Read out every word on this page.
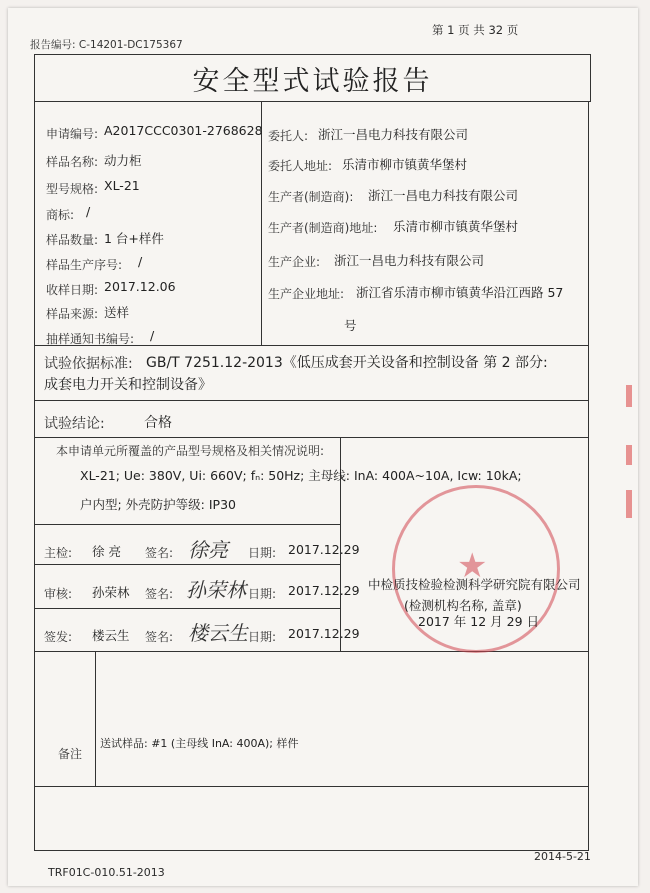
第 1 页 共 32 页
报告编号: C-14201-DC175367
安全型式试验报告
申请编号: A2017CCC0301-2768628
样品名称: 动力柜
型号规格: XL-21
商标: /
样品数量: 1 台+样件
样品生产序号: /
收样日期: 2017.12.06
样品来源: 送样
抽样通知书编号: /
委托人: 浙江一昌电力科技有限公司
委托人地址: 乐清市柳市镇黄华堡村
生产者(制造商): 浙江一昌电力科技有限公司
生产者(制造商)地址: 乐清市柳市镇黄华堡村
生产企业: 浙江一昌电力科技有限公司
生产企业地址: 浙江省乐清市柳市镇黄华沿江西路 57
号
试验依据标准: GB/T 7251.12-2013《低压成套开关设备和控制设备 第 2 部分:
成套电力开关和控制设备》
试验结论:	合格
本申请单元所覆盖的产品型号规格及相关情况说明:
XL-21; Ue: 380V, Ui: 660V; fₙ: 50Hz; 主母线: InA: 400A~10A, Icw: 10kA;
户内型; 外壳防护等级: IP30
主检: 徐 亮 签名: 徐亮 日期: 2017.12.29
审核: 孙荣林 签名: 孙荣林 日期: 2017.12.29
签发: 楼云生 签名: 楼云生 日期: 2017.12.29
★
中检质技检验检测科学研究院有限公司
(检测机构名称, 盖章)
2017 年 12 月 29 日
备注
送试样品: #1 (主母线 InA: 400A); 样件
TRF01C-010.51-2013
2014-5-21
